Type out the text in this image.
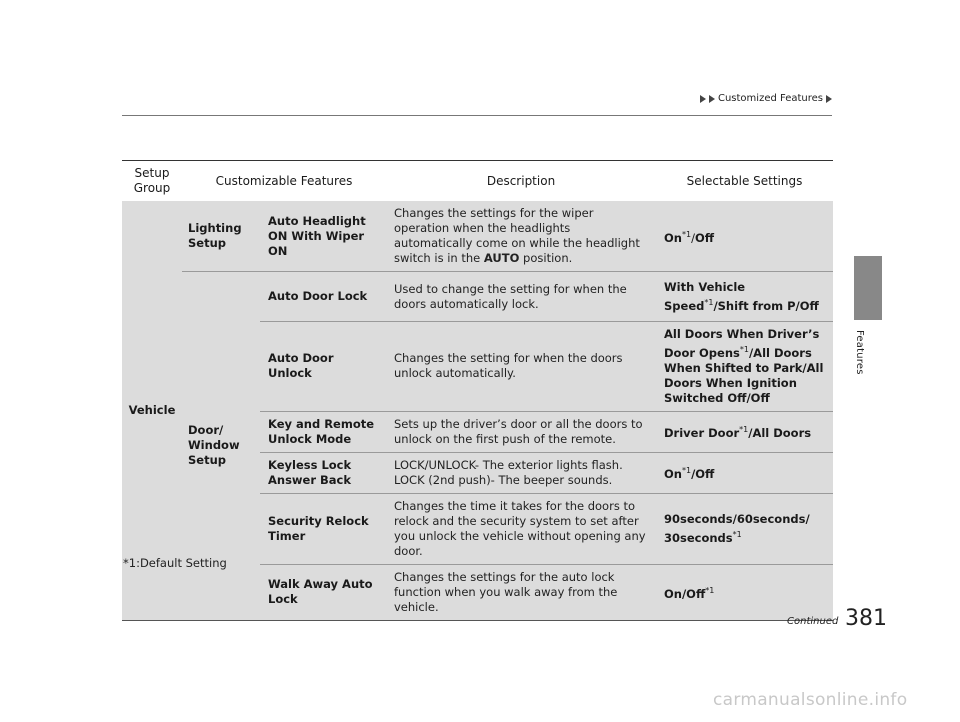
Customized Features
Features
Setup Group	Customizable Features		Description	Selectable Settings
Vehicle	Lighting Setup	Auto Headlight ON With Wiper ON	Changes the settings for the wiper operation when the headlights automatically come on while the headlight switch is in the AUTO position.	On$^{*1}$/Off
	Door/ Window Setup	Auto Door Lock	Used to change the setting for when the doors automatically lock.	With Vehicle Speed$^{*1}$/Shift from P/Off
		Auto Door Unlock	Changes the setting for when the doors unlock automatically.	All Doors When Driver’s Door Opens$^{*1}$/All Doors When Shifted to Park/All Doors When Ignition Switched Off/Off
		Key and Remote Unlock Mode	Sets up the driver’s door or all the doors to unlock on the first push of the remote.	Driver Door$^{*1}$/All Doors
		Keyless Lock Answer Back	LOCK/UNLOCK- The exterior lights flash. LOCK (2nd push)- The beeper sounds.	On$^{*1}$/Off
		Security Relock Timer	Changes the time it takes for the doors to relock and the security system to set after you unlock the vehicle without opening any door.	90seconds/60seconds/ 30seconds$^{*1}$
		Walk Away Auto Lock	Changes the settings for the auto lock function when you walk away from the vehicle.	On/Off$^{*1}$
*1:Default Setting
Continued 381
carmanualsonline.info
